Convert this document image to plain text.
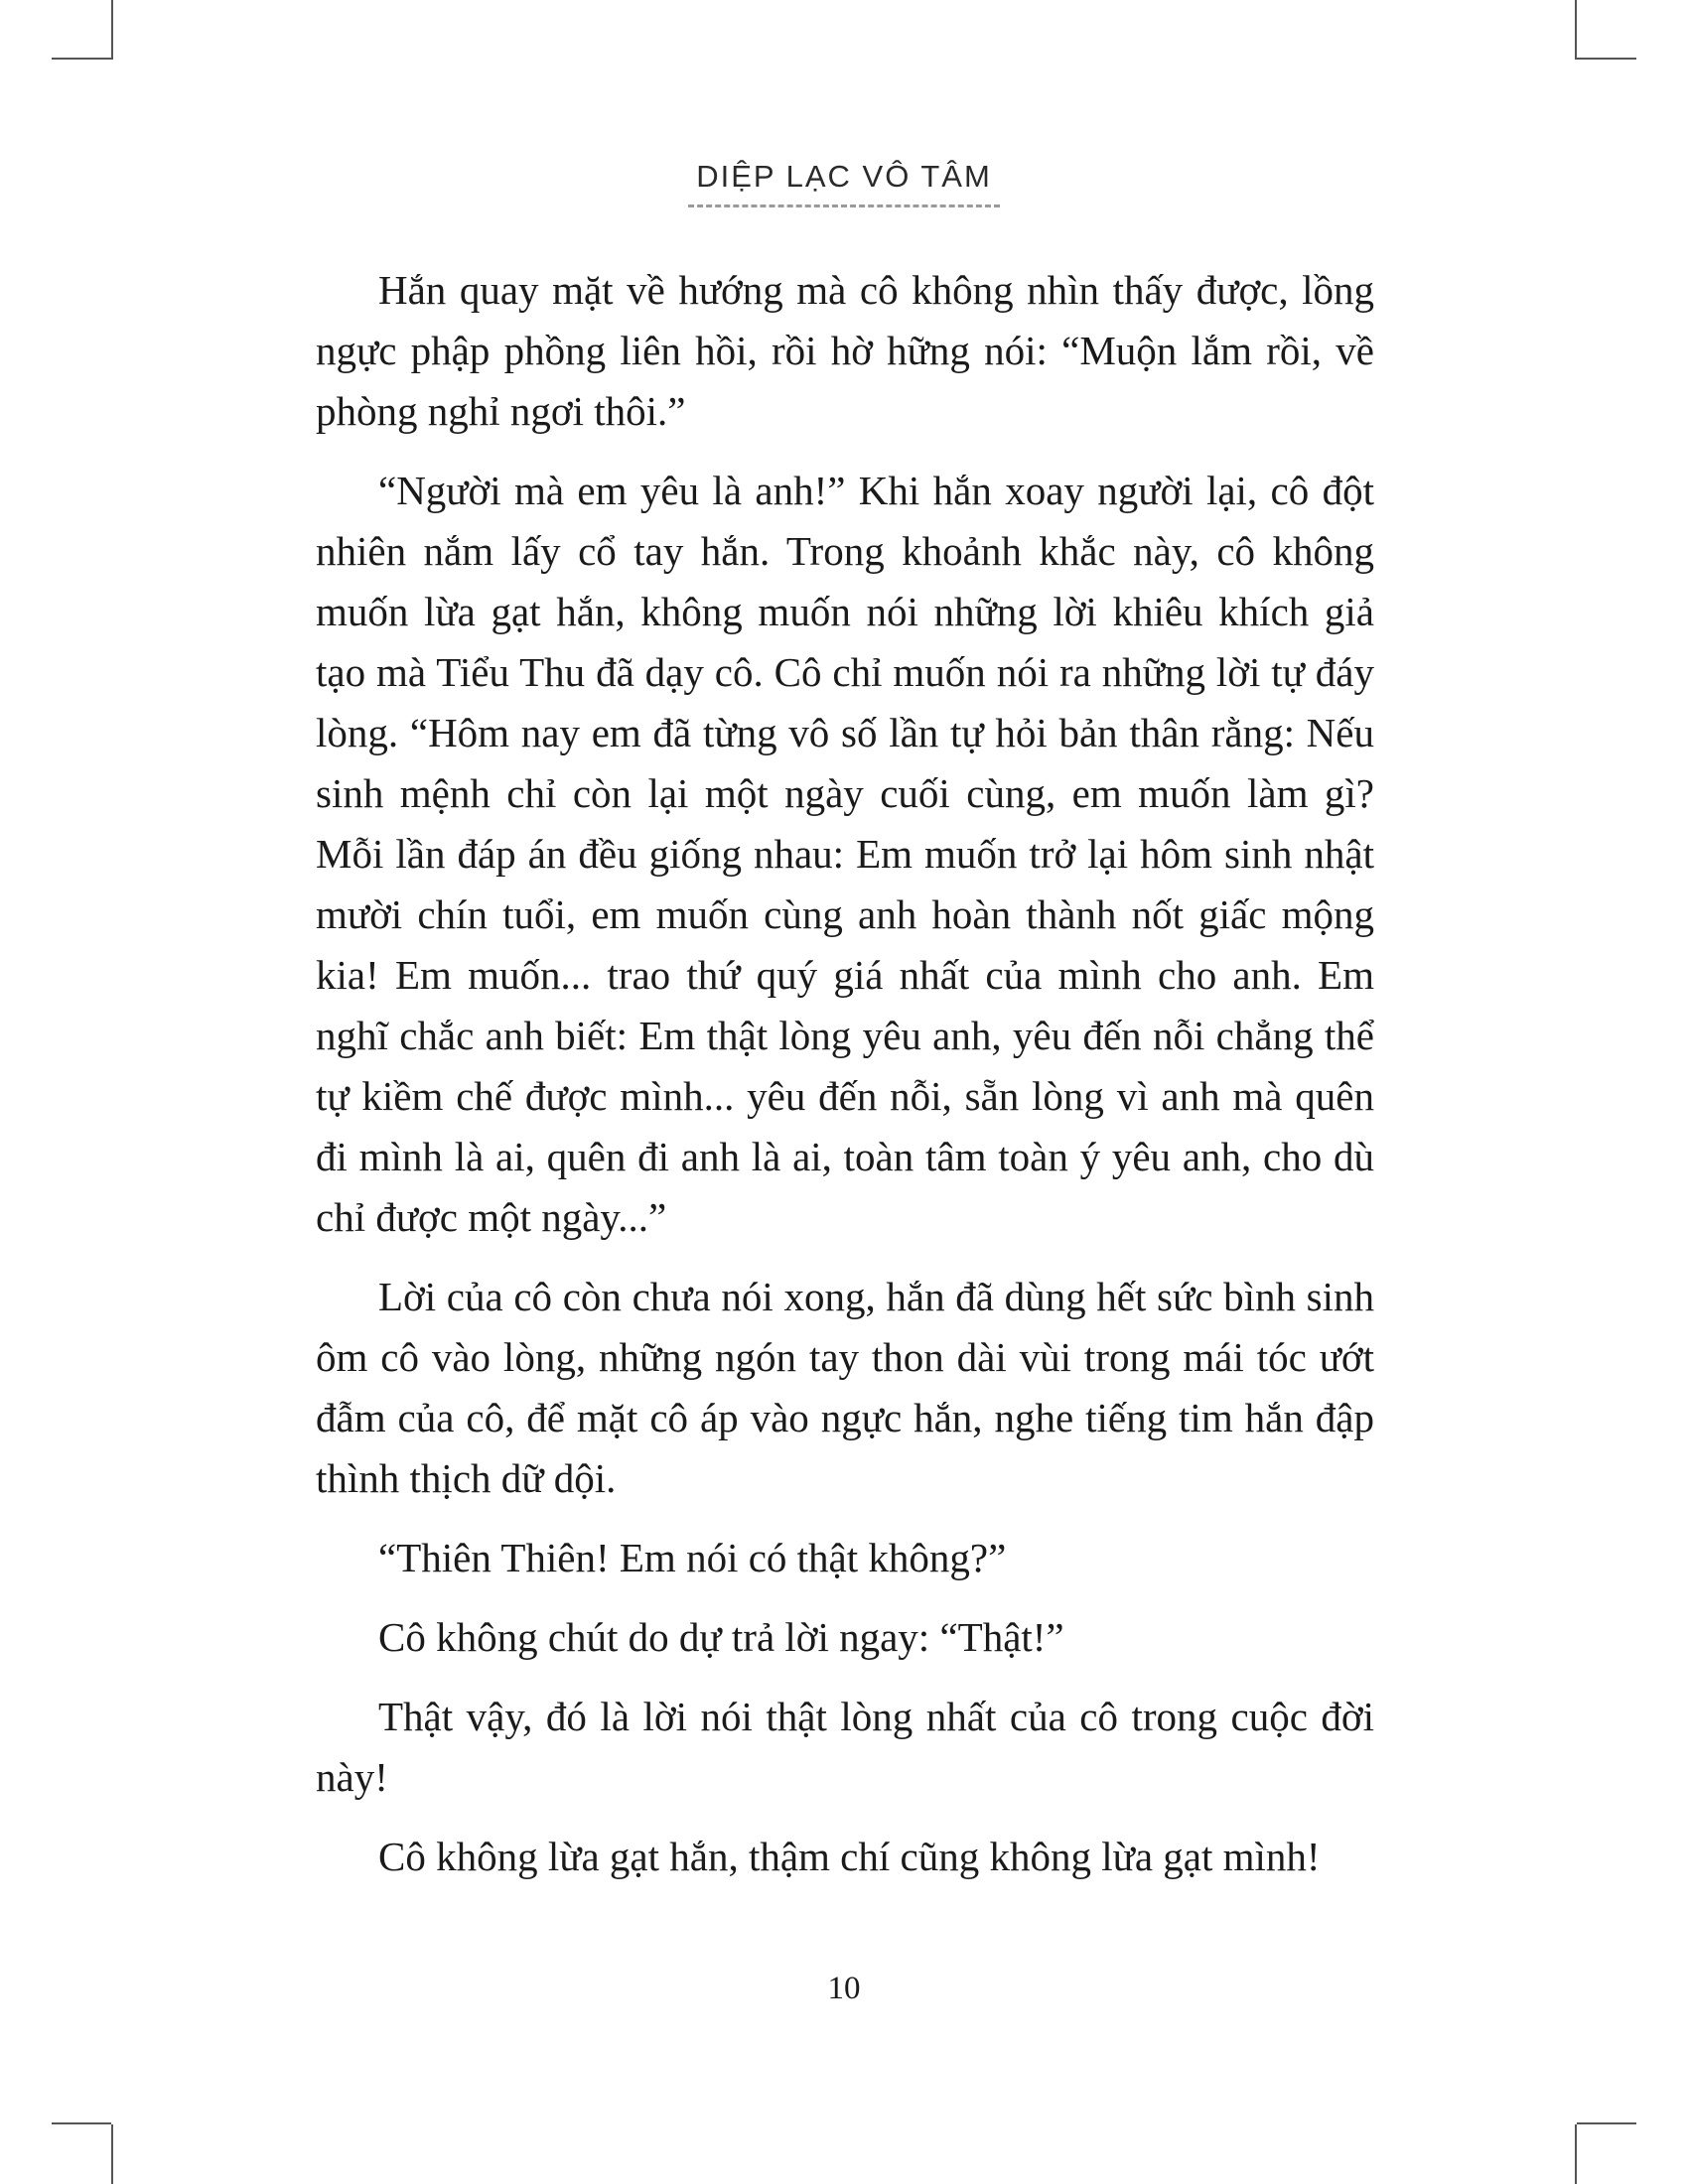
DIỆP LẠC VÔ TÂM

Hắn quay mặt về hướng mà cô không nhìn thấy được, lồng ngực phập phồng liên hồi, rồi hờ hững nói: “Muộn lắm rồi, về phòng nghỉ ngơi thôi.”

“Người mà em yêu là anh!” Khi hắn xoay người lại, cô đột nhiên nắm lấy cổ tay hắn. Trong khoảnh khắc này, cô không muốn lừa gạt hắn, không muốn nói những lời khiêu khích giả tạo mà Tiểu Thu đã dạy cô. Cô chỉ muốn nói ra những lời tự đáy lòng. “Hôm nay em đã từng vô số lần tự hỏi bản thân rằng: Nếu sinh mệnh chỉ còn lại một ngày cuối cùng, em muốn làm gì? Mỗi lần đáp án đều giống nhau: Em muốn trở lại hôm sinh nhật mười chín tuổi, em muốn cùng anh hoàn thành nốt giấc mộng kia! Em muốn... trao thứ quý giá nhất của mình cho anh. Em nghĩ chắc anh biết: Em thật lòng yêu anh, yêu đến nỗi chẳng thể tự kiềm chế được mình... yêu đến nỗi, sẵn lòng vì anh mà quên đi mình là ai, quên đi anh là ai, toàn tâm toàn ý yêu anh, cho dù chỉ được một ngày...”

Lời của cô còn chưa nói xong, hắn đã dùng hết sức bình sinh ôm cô vào lòng, những ngón tay thon dài vùi trong mái tóc ướt đẫm của cô, để mặt cô áp vào ngực hắn, nghe tiếng tim hắn đập thình thịch dữ dội.

“Thiên Thiên! Em nói có thật không?”

Cô không chút do dự trả lời ngay: “Thật!”

Thật vậy, đó là lời nói thật lòng nhất của cô trong cuộc đời này!

Cô không lừa gạt hắn, thậm chí cũng không lừa gạt mình!

10
